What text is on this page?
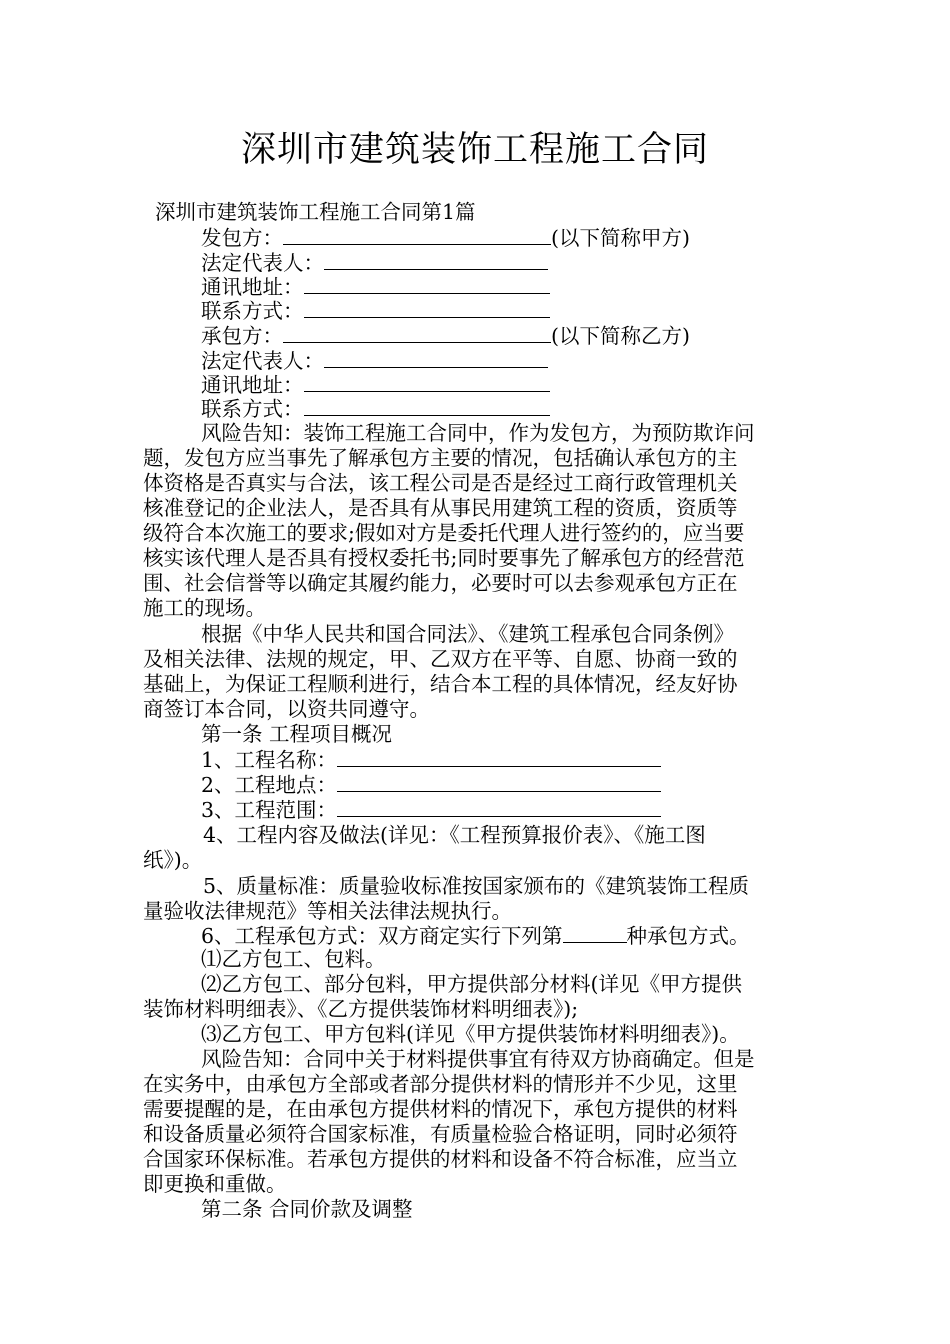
深圳市建筑装饰工程施工合同
深圳市建筑装饰工程施工合同第1篇
发包方：	(以下简称甲方)
法定代表人：
通讯地址：
联系方式：
承包方：	(以下简称乙方)
法定代表人：
通讯地址：
联系方式：
风险告知：装饰工程施工合同中，作为发包方，为预防欺诈问
题，发包方应当事先了解承包方主要的情况，包括确认承包方的主
体资格是否真实与合法，该工程公司是否是经过工商行政管理机关
核准登记的企业法人，是否具有从事民用建筑工程的资质，资质等
级符合本次施工的要求;假如对方是委托代理人进行签约的，应当要
核实该代理人是否具有授权委托书;同时要事先了解承包方的经营范
围、社会信誉等以确定其履约能力，必要时可以去参观承包方正在
施工的现场。
根据《中华人民共和国合同法》、《建筑工程承包合同条例》
及相关法律、法规的规定，甲、乙双方在平等、自愿、协商一致的
基础上，为保证工程顺利进行，结合本工程的具体情况，经友好协
商签订本合同，以资共同遵守。
第一条 工程项目概况
1、工程名称：
2、工程地点：
3、工程范围：
4、工程内容及做法(详见：《工程预算报价表》、《施工图
纸》)。
5、质量标准：质量验收标准按国家颁布的《建筑装饰工程质
量验收法律规范》等相关法律法规执行。
6、工程承包方式：双方商定实行下列第	种承包方式。
⑴乙方包工、包料。
⑵乙方包工、部分包料，甲方提供部分材料(详见《甲方提供
装饰材料明细表》、《乙方提供装饰材料明细表》);
⑶乙方包工、甲方包料(详见《甲方提供装饰材料明细表》)。
风险告知：合同中关于材料提供事宜有待双方协商确定。但是
在实务中，由承包方全部或者部分提供材料的情形并不少见，这里
需要提醒的是，在由承包方提供材料的情况下，承包方提供的材料
和设备质量必须符合国家标准，有质量检验合格证明，同时必须符
合国家环保标准。若承包方提供的材料和设备不符合标准，应当立
即更换和重做。
第二条 合同价款及调整
